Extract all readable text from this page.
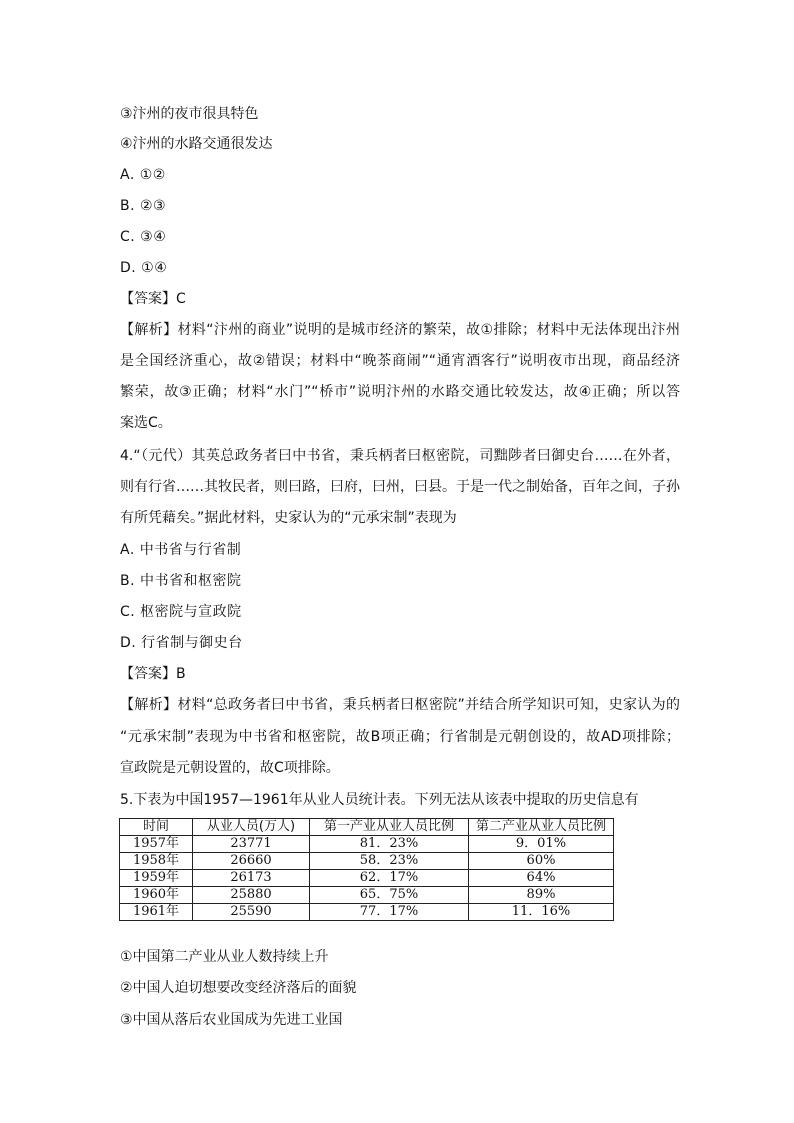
③汴州的夜市很具特色
④汴州的水路交通很发达
A. ①②
B. ②③
C. ③④
D. ①④
【答案】C
【解析】材料“汴州的商业”说明的是城市经济的繁荣，故①排除；材料中无法体现出汴州
是全国经济重心，故②错误；材料中“晚茶商闹”“通宵酒客行”说明夜市出现，商品经济
繁荣，故③正确；材料“水门”“桥市”说明汴州的水路交通比较发达，故④正确；所以答
案选C。
4.“（元代）其英总政务者曰中书省，秉兵柄者曰枢密院，司黜陟者曰御史台……在外者，
则有行省……其牧民者，则曰路，曰府，曰州，曰县。于是一代之制始备，百年之间，子孙
有所凭藉矣。”据此材料，史家认为的“元承宋制”表现为
A. 中书省与行省制
B. 中书省和枢密院
C. 枢密院与宣政院
D. 行省制与御史台
【答案】B
【解析】材料“总政务者曰中书省，秉兵柄者曰枢密院”并结合所学知识可知，史家认为的
“元承宋制”表现为中书省和枢密院，故B项正确；行省制是元朝创设的，故AD项排除；
宣政院是元朝设置的，故C项排除。
5.下表为中国1957—1961年从业人员统计表。下列无法从该表中提取的历史信息有
时间	从业人员(万人)	第一产业从业人员比例	第二产业从业人员比例
1957年	23771	81．23%	9．01%
1958年	26660	58．23%	60%
1959年	26173	62．17%	64%
1960年	25880	65．75%	89%
1961年	25590	77．17%	11．16%
①中国第二产业从业人数持续上升
②中国人迫切想要改变经济落后的面貌
③中国从落后农业国成为先进工业国
